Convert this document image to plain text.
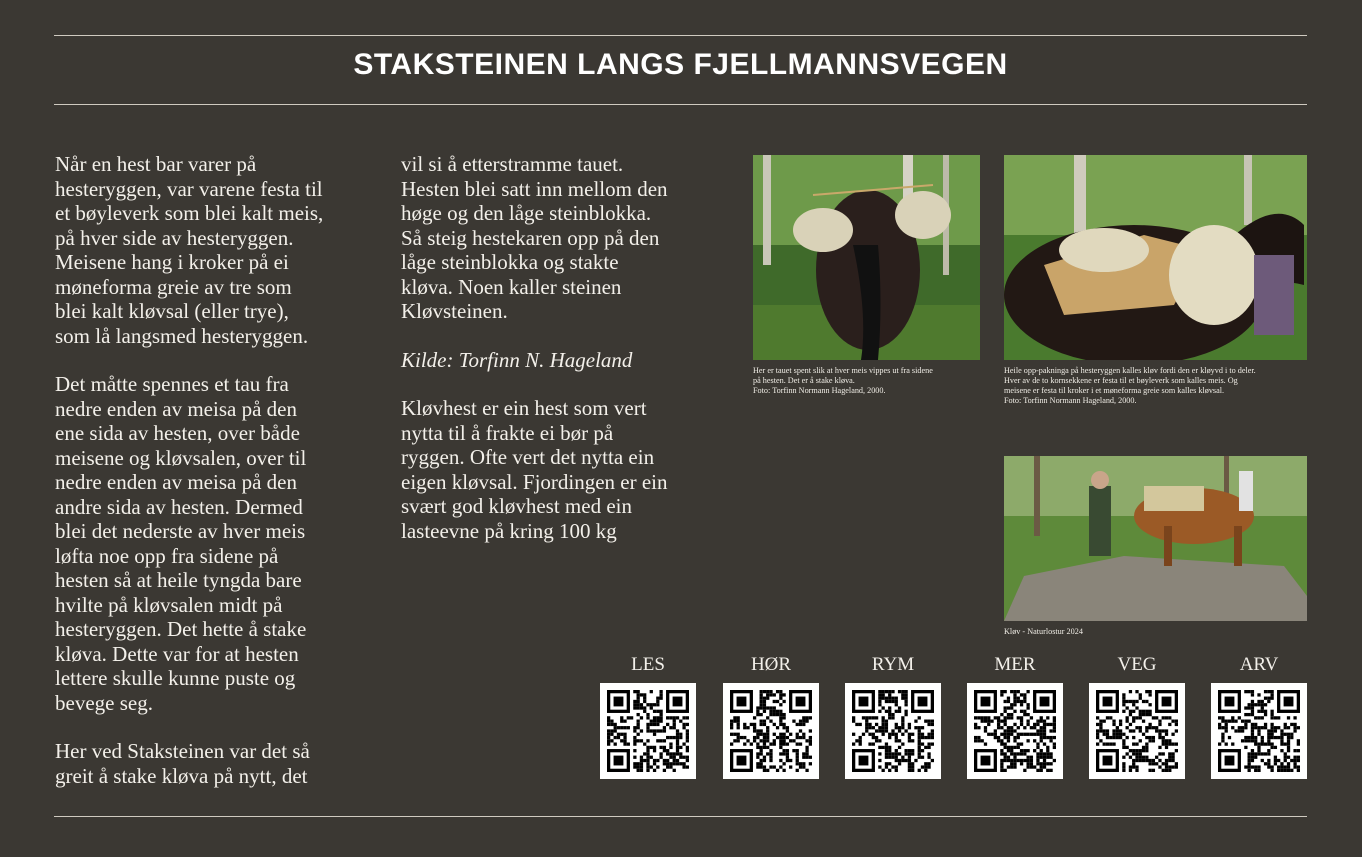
STAKSTEINEN LANGS FJELLMANNSVEGEN

Når en hest bar varer på
hesteryggen, var varene festa til
et bøyleverk som blei kalt meis,
på hver side av hesteryggen.
Meisene hang i kroker på ei
møneforma greie av tre som
blei kalt kløvsal (eller trye),
som lå langsmed hesteryggen.

Det måtte spennes et tau fra
nedre enden av meisa på den
ene sida av hesten, over både
meisene og kløvsalen, over til
nedre enden av meisa på den
andre sida av hesten. Dermed
blei det nederste av hver meis
løfta noe opp fra sidene på
hesten så at heile tyngda bare
hvilte på kløvsalen midt på
hesteryggen. Det hette å stake
kløva. Dette var for at hesten
lettere skulle kunne puste og
bevege seg.

Her ved Staksteinen var det så
greit å stake kløva på nytt, det

vil si å etterstramme tauet.
Hesten blei satt inn mellom den
høge og den låge steinblokka.
Så steig hestekaren opp på den
låge steinblokka og stakte
kløva. Noen kaller steinen
Kløvsteinen.

Kilde: Torfinn N. Hageland

Kløvhest er ein hest som vert
nytta til å frakte ei bør på
ryggen. Ofte vert det nytta ein
eigen kløvsal. Fjordingen er ein
svært god kløvhest med ein
lasteevne på kring 100 kg

Her er tauet spent slik at hver meis vippes ut fra sidene
på hesten. Det er å stake kløva.
Foto: Torfinn Normann Hageland, 2000.
Heile opp-pakninga på hesteryggen kalles kløv fordi den er kløyvd i to deler.
Hver av de to kornsekkene er festa til et bøyleverk som kalles meis. Og
meisene er festa til kroker i et møneforma greie som kalles kløvsal.
Foto: Torfinn Normann Hageland, 2000.
Kløv - Naturlostur 2024
LES	HØR	RYM	MER	VEG	ARV
